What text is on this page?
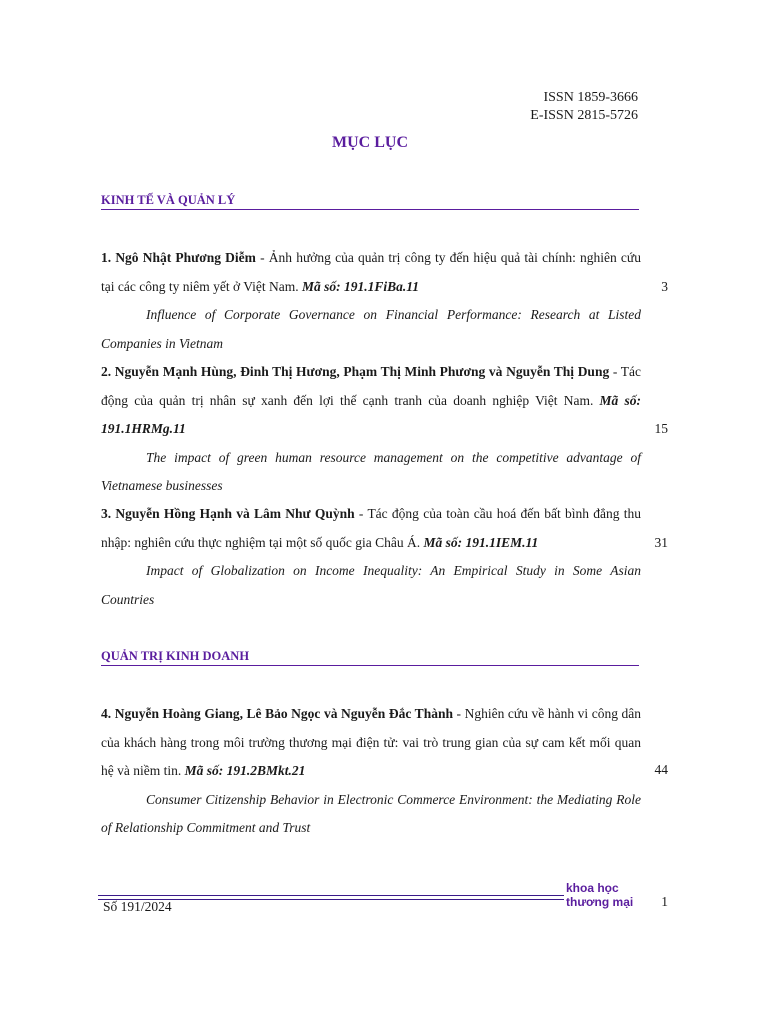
ISSN 1859-3666
E-ISSN 2815-5726
MỤC LỤC
KINH TẾ VÀ QUẢN LÝ
1. Ngô Nhật Phương Diễm - Ảnh hưởng của quản trị công ty đến hiệu quả tài chính: nghiên cứu tại các công ty niêm yết ở Việt Nam. Mã số: 191.1FiBa.11
Influence of Corporate Governance on Financial Performance: Research at Listed Companies in Vietnam
3
2. Nguyễn Mạnh Hùng, Đinh Thị Hương, Phạm Thị Minh Phương và Nguyễn Thị Dung - Tác động của quản trị nhân sự xanh đến lợi thế cạnh tranh của doanh nghiệp Việt Nam. Mã số: 191.1HRMg.11
The impact of green human resource management on the competitive advantage of Vietnamese businesses
15
3. Nguyễn Hồng Hạnh và Lâm Như Quỳnh - Tác động của toàn cầu hoá đến bất bình đẳng thu nhập: nghiên cứu thực nghiệm tại một số quốc gia Châu Á. Mã số: 191.1IEM.11
Impact of Globalization on Income Inequality: An Empirical Study in Some Asian Countries
31
QUẢN TRỊ KINH DOANH
4. Nguyễn Hoàng Giang, Lê Bảo Ngọc và Nguyễn Đắc Thành - Nghiên cứu về hành vi công dân của khách hàng trong môi trường thương mại điện tử: vai trò trung gian của sự cam kết mối quan hệ và niềm tin. Mã số: 191.2BMkt.21
Consumer Citizenship Behavior in Electronic Commerce Environment: the Mediating Role of Relationship Commitment and Trust
44
Số 191/2024
khoa học
thương mại 1
